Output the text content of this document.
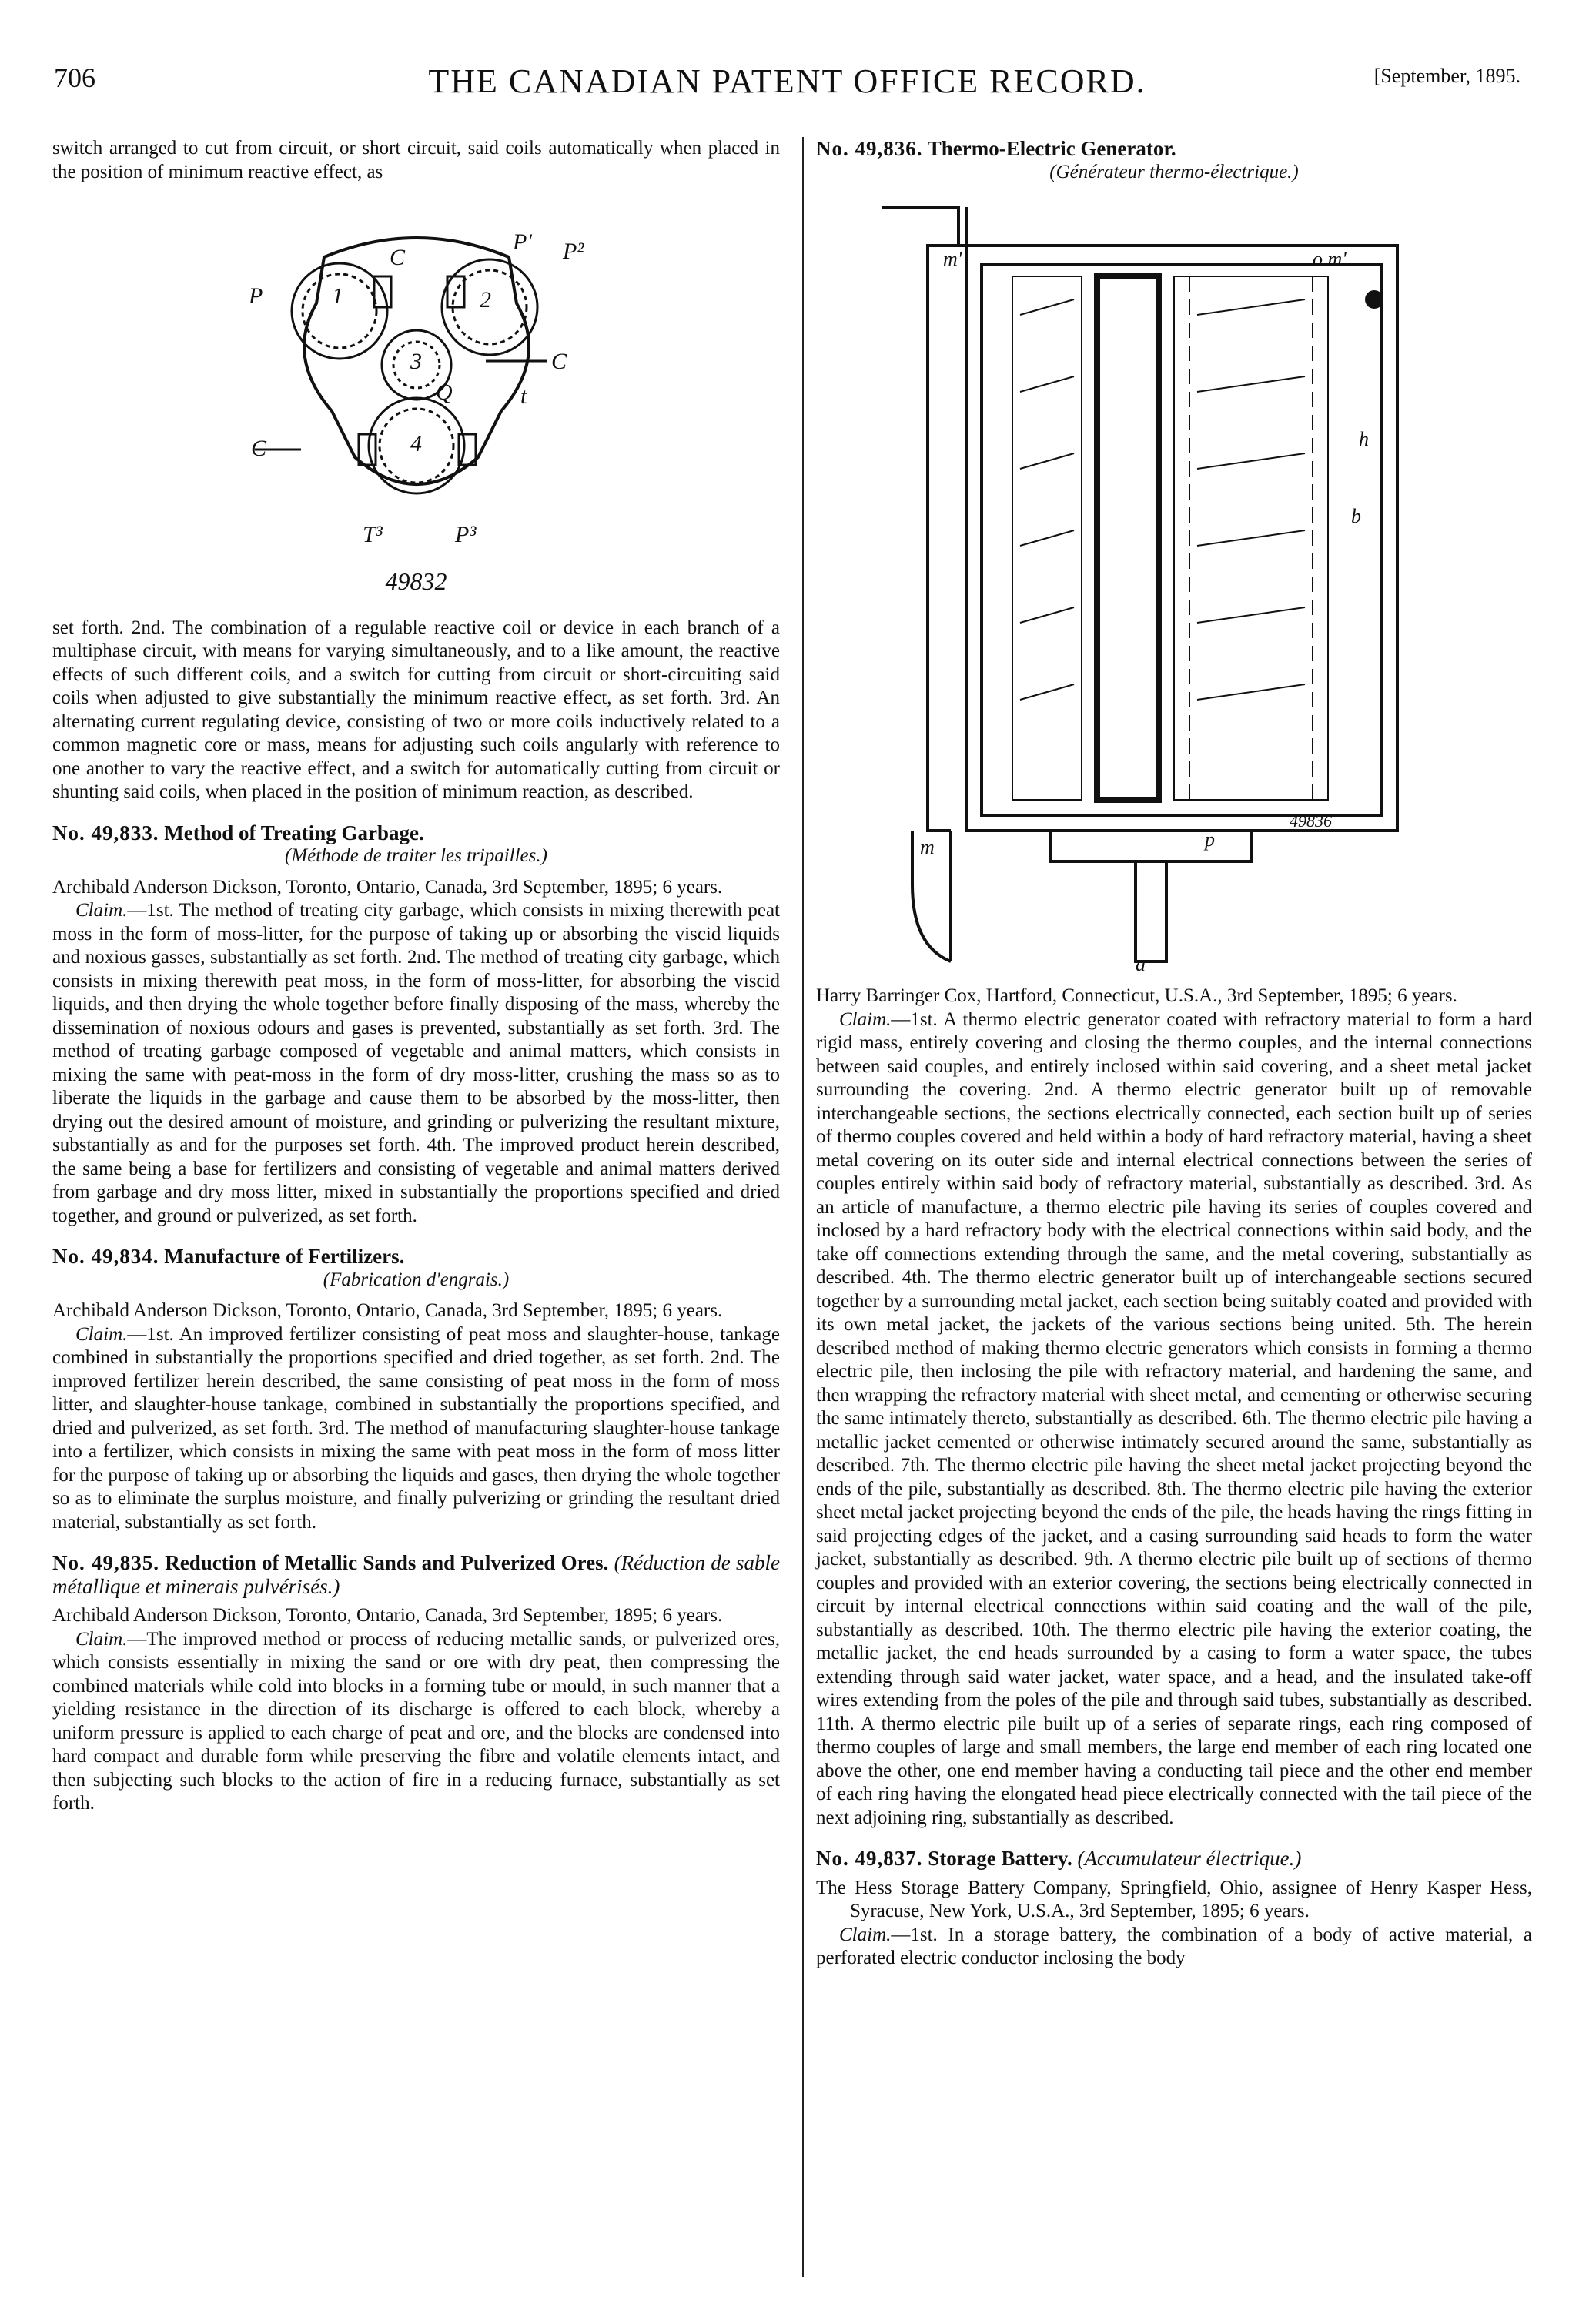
706	THE CANADIAN PATENT OFFICE RECORD.	[September, 1895.

switch arranged to cut from circuit, or short circuit, said coils automatically when placed in the position of minimum reactive effect, as

P
C
P' P²
C
C
1	2
3
4
Q	t
T³	P³

49832

set forth. 2nd. The combination of a regulable reactive coil or device in each branch of a multiphase circuit, with means for varying simultaneously, and to a like amount, the reactive effects of such different coils, and a switch for cutting from circuit or short-circuiting said coils when adjusted to give substantially the minimum reactive effect, as set forth. 3rd. An alternating current regulating device, consisting of two or more coils inductively related to a common magnetic core or mass, means for adjusting such coils angularly with reference to one another to vary the reactive effect, and a switch for automatically cutting from circuit or shunting said coils, when placed in the position of minimum reaction, as described.

No. 49,833. Method of Treating Garbage.

(Méthode de traiter les tripailles.)

Archibald Anderson Dickson, Toronto, Ontario, Canada, 3rd September, 1895; 6 years.

Claim.—1st. The method of treating city garbage, which consists in mixing therewith peat moss in the form of moss-litter, for the purpose of taking up or absorbing the viscid liquids and noxious gasses, substantially as set forth. 2nd. The method of treating city garbage, which consists in mixing therewith peat moss, in the form of moss-litter, for absorbing the viscid liquids, and then drying the whole together before finally disposing of the mass, whereby the dissemination of noxious odours and gases is prevented, substantially as set forth. 3rd. The method of treating garbage composed of vegetable and animal matters, which consists in mixing the same with peat-moss in the form of dry moss-litter, crushing the mass so as to liberate the liquids in the garbage and cause them to be absorbed by the moss-litter, then drying out the desired amount of moisture, and grinding or pulverizing the resultant mixture, substantially as and for the purposes set forth. 4th. The improved product herein described, the same being a base for fertilizers and consisting of vegetable and animal matters derived from garbage and dry moss litter, mixed in substantially the proportions specified and dried together, and ground or pulverized, as set forth.

No. 49,834. Manufacture of Fertilizers.

(Fabrication d'engrais.)

Archibald Anderson Dickson, Toronto, Ontario, Canada, 3rd September, 1895; 6 years.

Claim.—1st. An improved fertilizer consisting of peat moss and slaughter-house, tankage combined in substantially the proportions specified and dried together, as set forth. 2nd. The improved fertilizer herein described, the same consisting of peat moss in the form of moss litter, and slaughter-house tankage, combined in substantially the proportions specified, and dried and pulverized, as set forth. 3rd. The method of manufacturing slaughter-house tankage into a fertilizer, which consists in mixing the same with peat moss in the form of moss litter for the purpose of taking up or absorbing the liquids and gases, then drying the whole together so as to eliminate the surplus moisture, and finally pulverizing or grinding the resultant dried material, substantially as set forth.

No. 49,835. Reduction of Metallic Sands and Pulverized Ores. (Réduction de sable métallique et minerais pulvérisés.)

Archibald Anderson Dickson, Toronto, Ontario, Canada, 3rd September, 1895; 6 years.

Claim.—The improved method or process of reducing metallic sands, or pulverized ores, which consists essentially in mixing the sand or ore with dry peat, then compressing the combined materials while cold into blocks in a forming tube or mould, in such manner that a yielding resistance in the direction of its discharge is offered to each block, whereby a uniform pressure is applied to each charge of peat and ore, and the blocks are condensed into hard compact and durable form while preserving the fibre and volatile elements intact, and then subjecting such blocks to the action of fire in a reducing furnace, substantially as set forth.

No. 49,836. Thermo-Electric Generator.

(Générateur thermo-électrique.)

m'	o m'
b
h
m	p
a
49836

Harry Barringer Cox, Hartford, Connecticut, U.S.A., 3rd September, 1895; 6 years.

Claim.—1st. A thermo electric generator coated with refractory material to form a hard rigid mass, entirely covering and closing the thermo couples, and the internal connections between said couples, and entirely inclosed within said covering, and a sheet metal jacket surrounding the covering. 2nd. A thermo electric generator built up of removable interchangeable sections, the sections electrically connected, each section built up of series of thermo couples covered and held within a body of hard refractory material, having a sheet metal covering on its outer side and internal electrical connections between the series of couples entirely within said body of refractory material, substantially as described. 3rd. As an article of manufacture, a thermo electric pile having its series of couples covered and inclosed by a hard refractory body with the electrical connections within said body, and the take off connections extending through the same, and the metal covering, substantially as described. 4th. The thermo electric generator built up of interchangeable sections secured together by a surrounding metal jacket, each section being suitably coated and provided with its own metal jacket, the jackets of the various sections being united. 5th. The herein described method of making thermo electric generators which consists in forming a thermo electric pile, then inclosing the pile with refractory material, and hardening the same, and then wrapping the refractory material with sheet metal, and cementing or otherwise securing the same intimately thereto, substantially as described. 6th. The thermo electric pile having a metallic jacket cemented or otherwise intimately secured around the same, substantially as described. 7th. The thermo electric pile having the sheet metal jacket projecting beyond the ends of the pile, substantially as described. 8th. The thermo electric pile having the exterior sheet metal jacket projecting beyond the ends of the pile, the heads having the rings fitting in said projecting edges of the jacket, and a casing surrounding said heads to form the water jacket, substantially as described. 9th. A thermo electric pile built up of sections of thermo couples and provided with an exterior covering, the sections being electrically connected in circuit by internal electrical connections within said coating and the wall of the pile, substantially as described. 10th. The thermo electric pile having the exterior coating, the metallic jacket, the end heads surrounded by a casing to form a water space, the tubes extending through said water jacket, water space, and a head, and the insulated take-off wires extending from the poles of the pile and through said tubes, substantially as described. 11th. A thermo electric pile built up of a series of separate rings, each ring composed of thermo couples of large and small members, the large end member of each ring located one above the other, one end member having a conducting tail piece and the other end member of each ring having the elongated head piece electrically connected with the tail piece of the next adjoining ring, substantially as described.

No. 49,837. Storage Battery. (Accumulateur électrique.)

The Hess Storage Battery Company, Springfield, Ohio, assignee of Henry Kasper Hess, Syracuse, New York, U.S.A., 3rd September, 1895; 6 years.

Claim.—1st. In a storage battery, the combination of a body of active material, a perforated electric conductor inclosing the body
